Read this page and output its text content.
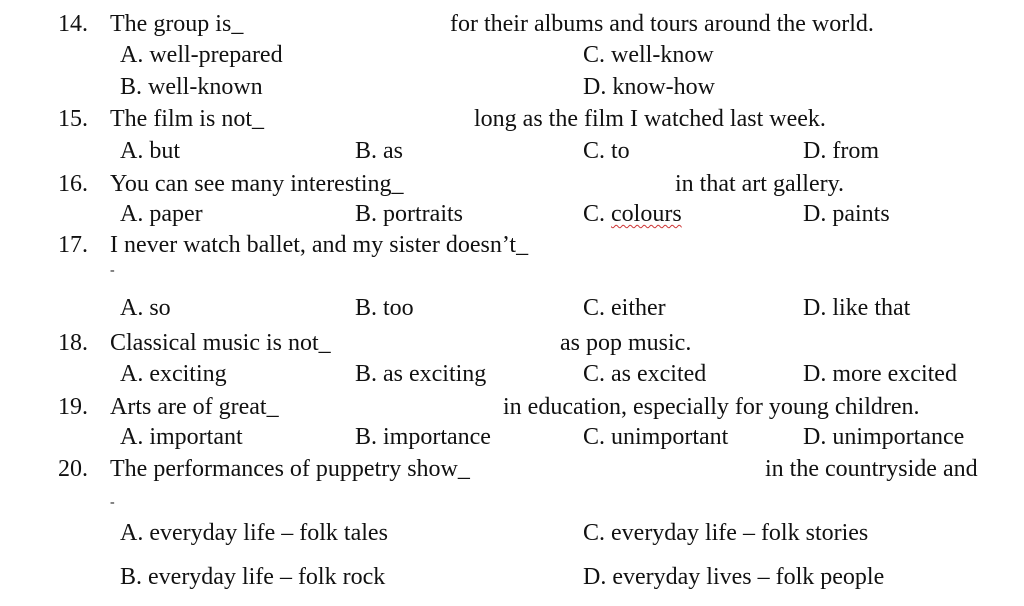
14. The group is_	for their albums and tours around the world.
A. well-prepared	C. well-know
B. well-known	D. know-how
15. The film is not_	long as the film I watched last week.
A. but	B. as	C. to	D. from
16. You can see many interesting_	in that art gallery.
A. paper	B. portraits	C. colours	D. paints
17. I never watch ballet, and my sister doesn’t_
-
A. so	B. too	C. either	D. like that
18. Classical music is not_	as pop music.
A. exciting	B. as exciting	C. as excited	D. more excited
19. Arts are of great_	in education, especially for young children.
A. important	B. importance	C. unimportant	D. unimportance
20. The performances of puppetry show_	in the countryside and
-
A. everyday life – folk tales	C. everyday life – folk stories
B. everyday life – folk rock	D. everyday lives – folk people
